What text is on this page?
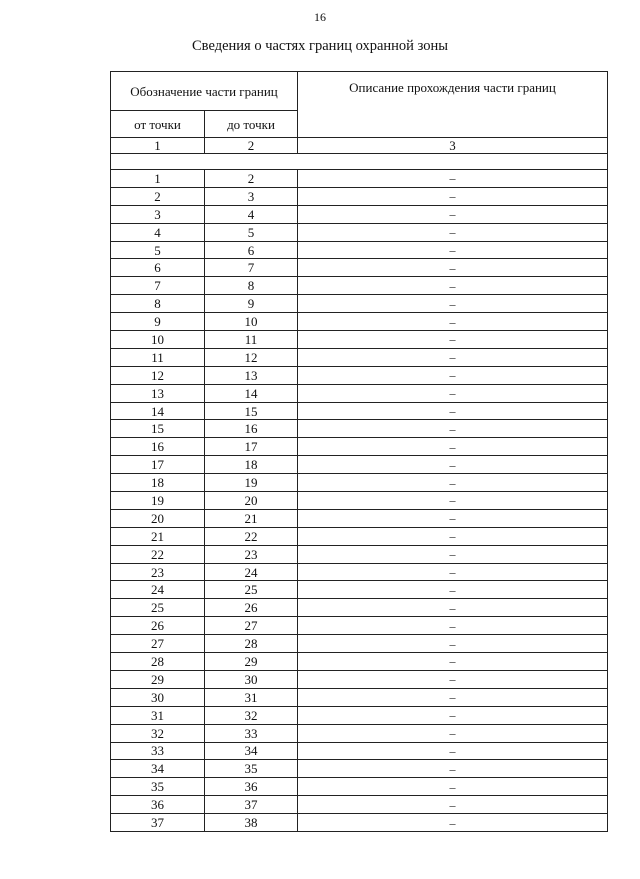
16
Сведения о частях границ охранной зоны
Обозначение части границ		Описание прохождения части границ
от точки	до точки	
1	2	3

1	2	–
2	3	–
3	4	–
4	5	–
5	6	–
6	7	–
7	8	–
8	9	–
9	10	–
10	11	–
11	12	–
12	13	–
13	14	–
14	15	–
15	16	–
16	17	–
17	18	–
18	19	–
19	20	–
20	21	–
21	22	–
22	23	–
23	24	–
24	25	–
25	26	–
26	27	–
27	28	–
28	29	–
29	30	–
30	31	–
31	32	–
32	33	–
33	34	–
34	35	–
35	36	–
36	37	–
37	38	–
